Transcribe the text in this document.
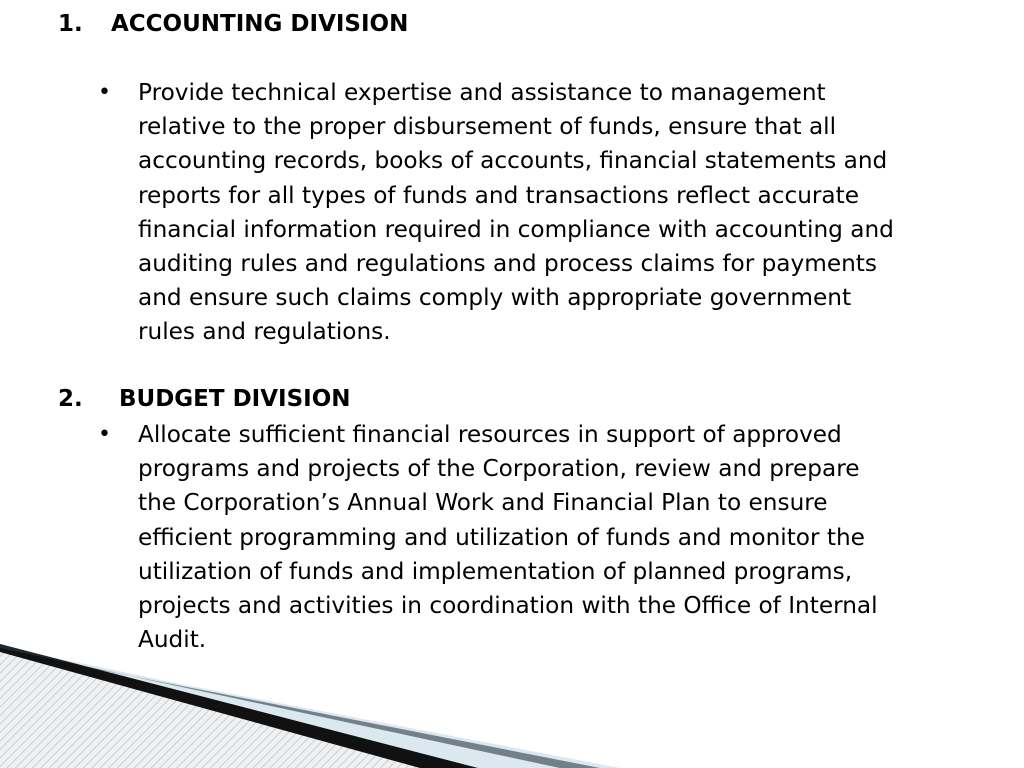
1. ACCOUNTING DIVISION
• Provide technical expertise and assistance to management
relative to the proper disbursement of funds, ensure that all
accounting records, books of accounts, financial statements and
reports for all types of funds and transactions reflect accurate
financial information required in compliance with accounting and
auditing rules and regulations and process claims for payments
and ensure such claims comply with appropriate government
rules and regulations.

2. BUDGET DIVISION
• Allocate sufficient financial resources in support of approved
programs and projects of the Corporation, review and prepare
the Corporation’s Annual Work and Financial Plan to ensure
efficient programming and utilization of funds and monitor the
utilization of funds and implementation of planned programs,
projects and activities in coordination with the Office of Internal
Audit.
